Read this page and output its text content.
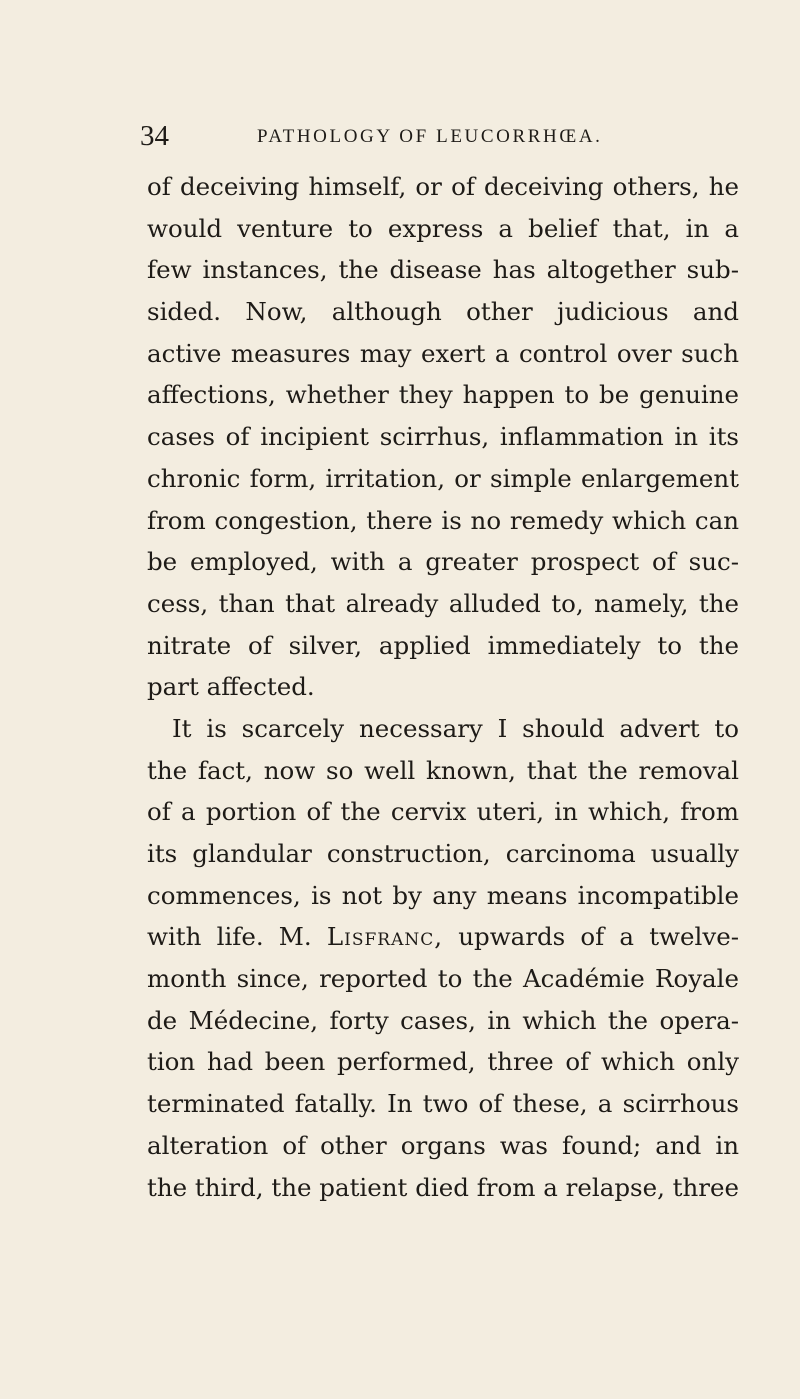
34	PATHOLOGY OF LEUCORRHŒA.
of deceiving himself, or of deceiving others, he
would venture to express a belief that, in a
few instances, the disease has altogether sub-
sided. Now, although other judicious and
active measures may exert a control over such
affections, whether they happen to be genuine
cases of incipient scirrhus, inflammation in its
chronic form, irritation, or simple enlargement
from congestion, there is no remedy which can
be employed, with a greater prospect of suc-
cess, than that already alluded to, namely, the
nitrate of silver, applied immediately to the
part affected.
It is scarcely necessary I should advert to
the fact, now so well known, that the removal
of a portion of the cervix uteri, in which, from
its glandular construction, carcinoma usually
commences, is not by any means incompatible
with life. M. Lisfranc, upwards of a twelve-
month since, reported to the Académie Royale
de Médecine, forty cases, in which the opera-
tion had been performed, three of which only
terminated fatally. In two of these, a scirrhous
alteration of other organs was found; and in
the third, the patient died from a relapse, three
